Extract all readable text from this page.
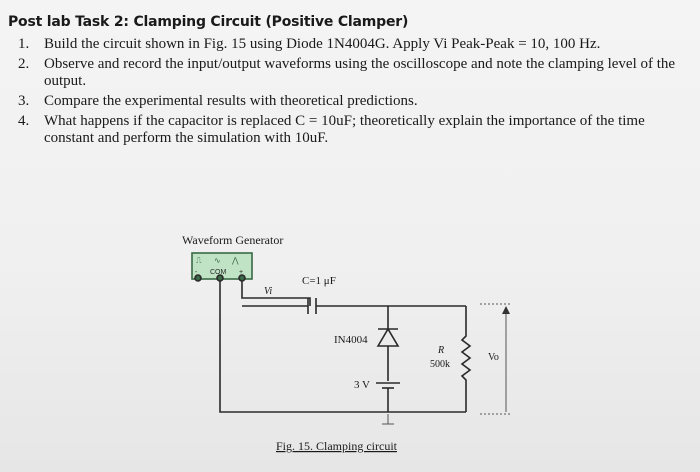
Post lab Task 2: Clamping Circuit (Positive Clamper)
1. Build the circuit shown in Fig. 15 using Diode 1N4004G. Apply Vi Peak-Peak = 10, 100 Hz.
2. Observe and record the input/output waveforms using the oscilloscope and note the clamping level of the output.
3. Compare the experimental results with theoretical predictions.
4. What happens if the capacitor is replaced C = 10uF; theoretically explain the importance of the time constant and perform the simulation with 10uF.
⎍ ∿ ⋀
Waveform Generator
COM
-	+
Vi
C=1 μF
IN4004
3 V
R
500k
Vo
Fig. 15. Clamping circuit
